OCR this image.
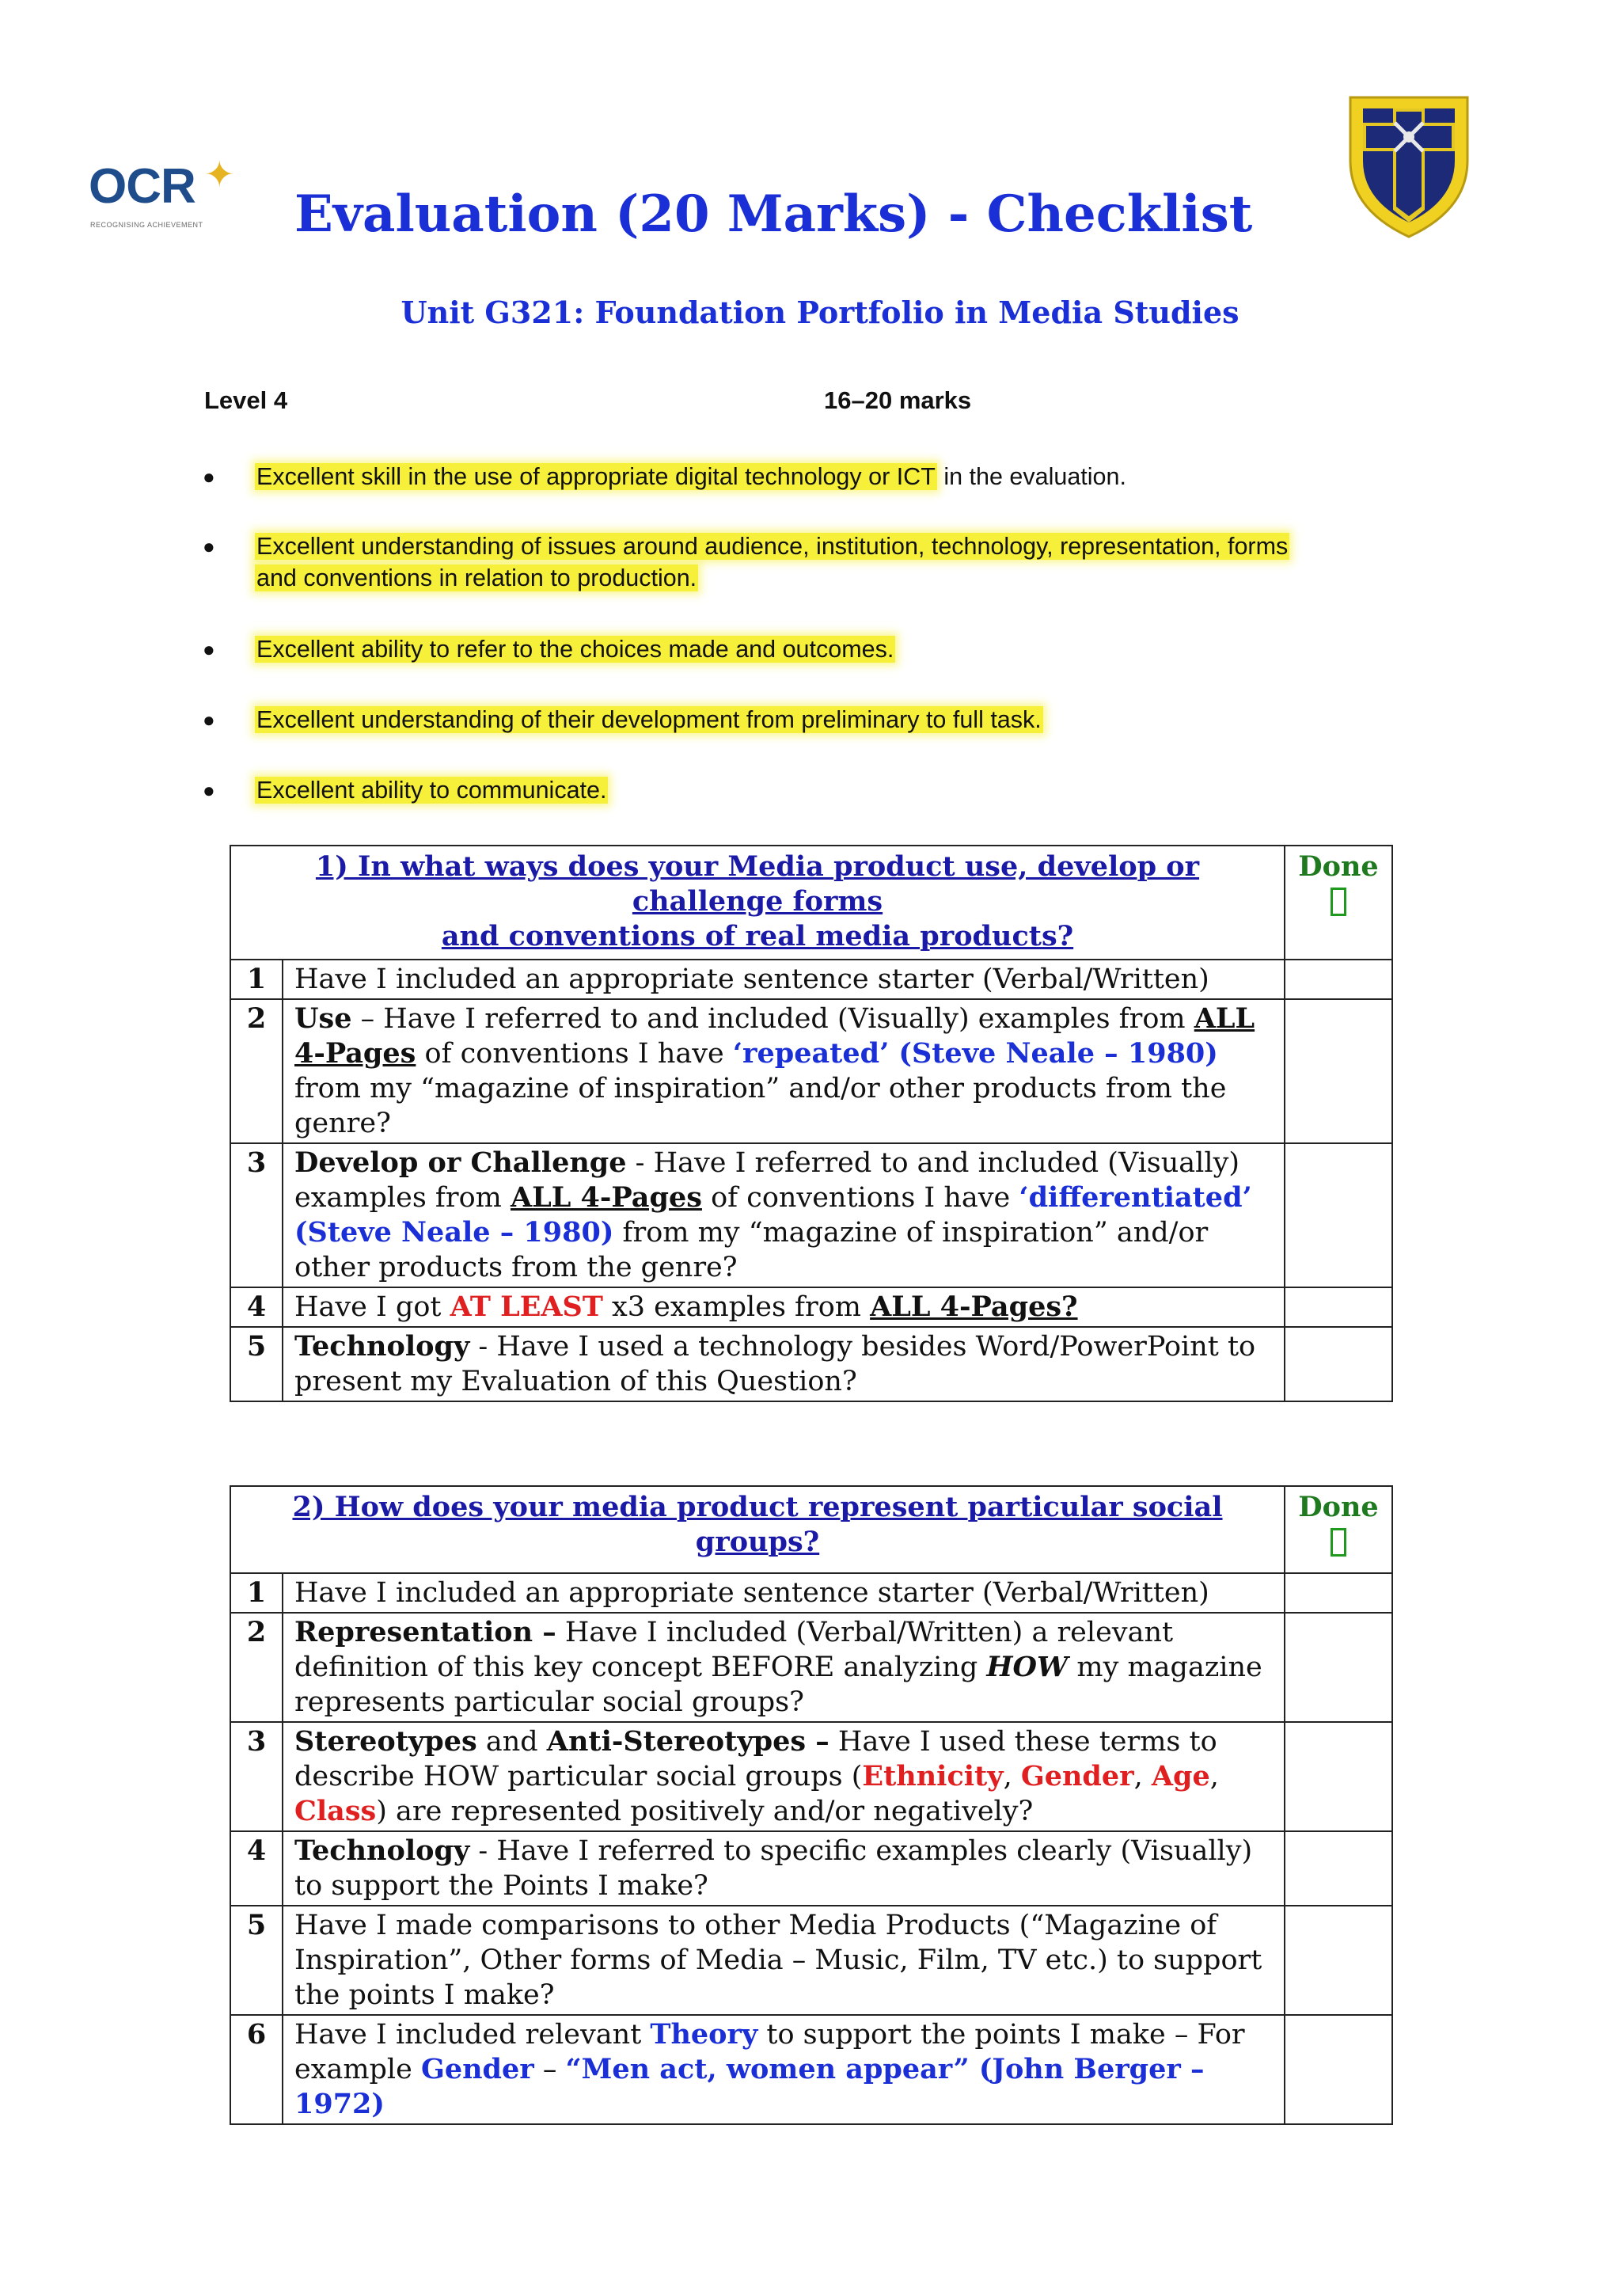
OCR ✦
RECOGNISING ACHIEVEMENT Evaluation (20 Marks) - Checklist
Unit G321: Foundation Portfolio in Media Studies
Level 4	16–20 marks
● Excellent skill in the use of appropriate digital technology or ICT in the evaluation.
● Excellent understanding of issues around audience, institution, technology, representation, forms
and conventions in relation to production.
● Excellent ability to refer to the choices made and outcomes.
● Excellent understanding of their development from preliminary to full task.
● Excellent ability to communicate.
1) In what ways does your Media product use, develop or challenge forms
and conventions of real media products?		Done

1	Have I included an appropriate sentence starter (Verbal/Written)	
2	Use – Have I referred to and included (Visually) examples from ALL 4-Pages of conventions I have ‘repeated’ (Steve Neale – 1980) from my “magazine of inspiration” and/or other products from the genre?	
3	Develop or Challenge - Have I referred to and included (Visually) examples from ALL 4-Pages of conventions I have ‘differentiated’ (Steve Neale – 1980) from my “magazine of inspiration” and/or other products from the genre?	
4	Have I got AT LEAST x3 examples from ALL 4-Pages?	
5	Technology - Have I used a technology besides Word/PowerPoint to present my Evaluation of this Question?	
2) How does your media product represent particular social groups?		Done

1	Have I included an appropriate sentence starter (Verbal/Written)	
2	Representation – Have I included (Verbal/Written) a relevant definition of this key concept BEFORE analyzing HOW my magazine represents particular social groups?	
3	Stereotypes and Anti-Stereotypes – Have I used these terms to describe HOW particular social groups (Ethnicity, Gender, Age, Class) are represented positively and/or negatively?	
4	Technology - Have I referred to specific examples clearly (Visually) to support the Points I make?	
5	Have I made comparisons to other Media Products (“Magazine of Inspiration”, Other forms of Media – Music, Film, TV etc.) to support the points I make?	
6	Have I included relevant Theory to support the points I make – For example Gender – “Men act, women appear” (John Berger – 1972)	
